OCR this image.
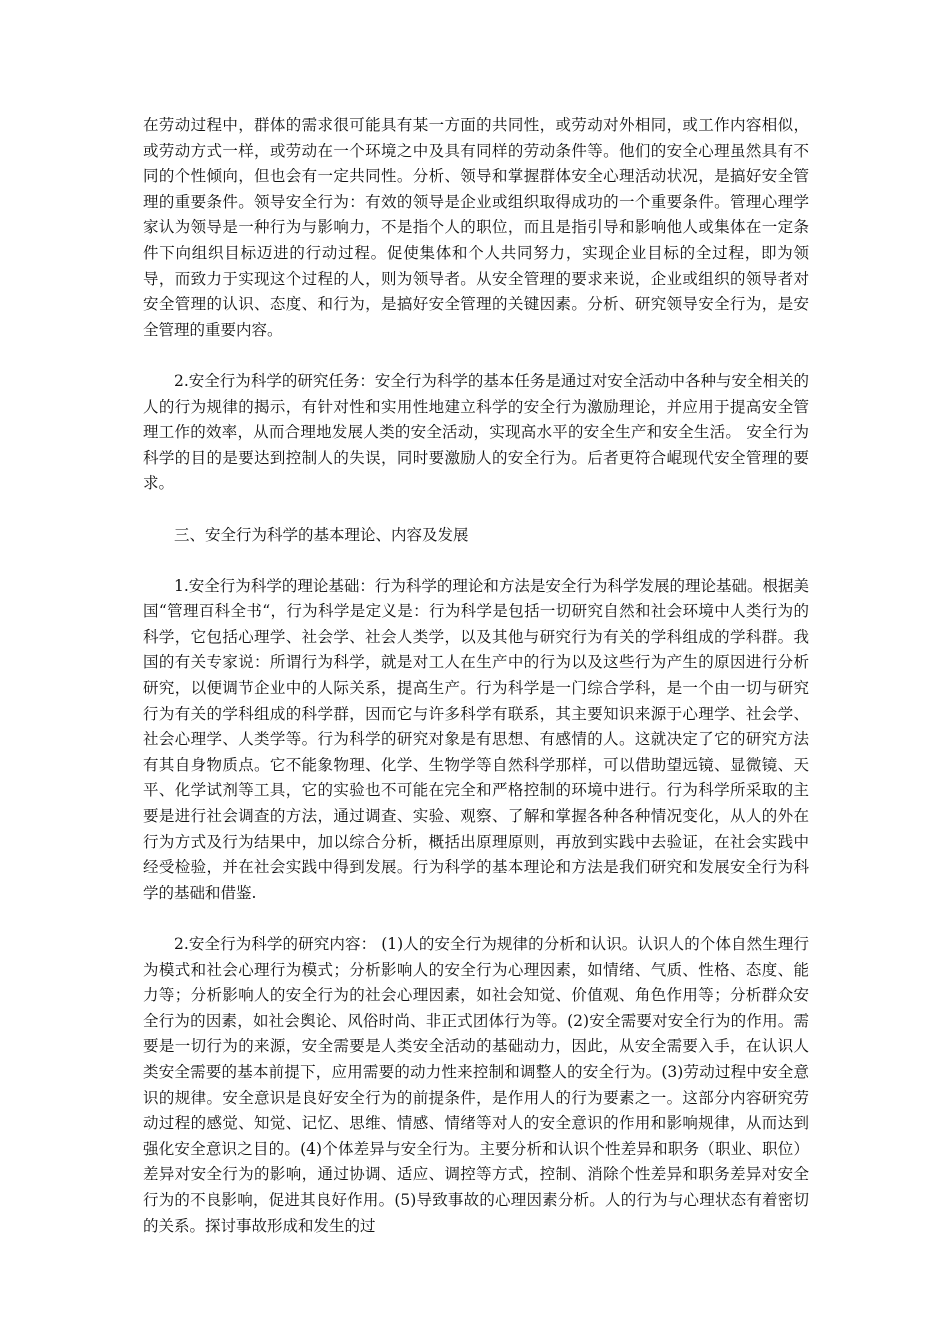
在劳动过程中，群体的需求很可能具有某一方面的共同性，或劳动对外相同，或工作内容相似，或劳动方式一样，或劳动在一个环境之中及具有同样的劳动条件等。他们的安全心理虽然具有不同的个性倾向，但也会有一定共同性。分析、领导和掌握群体安全心理活动状况，是搞好安全管理的重要条件。领导安全行为：有效的领导是企业或组织取得成功的一个重要条件。管理心理学家认为领导是一种行为与影响力，不是指个人的职位，而且是指引导和影响他人或集体在一定条件下向组织目标迈进的行动过程。促使集体和个人共同努力，实现企业目标的全过程，即为领导，而致力于实现这个过程的人，则为领导者。从安全管理的要求来说，企业或组织的领导者对安全管理的认识、态度、和行为，是搞好安全管理的关键因素。分析、研究领导安全行为，是安全管理的重要内容。

2.安全行为科学的研究任务：安全行为科学的基本任务是通过对安全活动中各种与安全相关的人的行为规律的揭示，有针对性和实用性地建立科学的安全行为激励理论，并应用于提高安全管理工作的效率，从而合理地发展人类的安全活动，实现高水平的安全生产和安全生活。 安全行为科学的目的是要达到控制人的失误，同时要激励人的安全行为。后者更符合崐现代安全管理的要求。

三、安全行为科学的基本理论、内容及发展

1.安全行为科学的理论基础：行为科学的理论和方法是安全行为科学发展的理论基础。根据美国“管理百科全书“，行为科学是定义是：行为科学是包括一切研究自然和社会环境中人类行为的科学，它包括心理学、社会学、社会人类学，以及其他与研究行为有关的学科组成的学科群。我国的有关专家说：所谓行为科学，就是对工人在生产中的行为以及这些行为产生的原因进行分析研究，以便调节企业中的人际关系，提高生产。行为科学是一门综合学科，是一个由一切与研究行为有关的学科组成的科学群，因而它与许多科学有联系，其主要知识来源于心理学、社会学、社会心理学、人类学等。行为科学的研究对象是有思想、有感情的人。这就决定了它的研究方法有其自身物质点。它不能象物理、化学、生物学等自然科学那样，可以借助望远镜、显微镜、天平、化学试剂等工具，它的实验也不可能在完全和严格控制的环境中进行。行为科学所采取的主要是进行社会调查的方法，通过调查、实验、观察、了解和掌握各种各种情况变化，从人的外在行为方式及行为结果中，加以综合分析，概括出原理原则，再放到实践中去验证，在社会实践中经受检验，并在社会实践中得到发展。行为科学的基本理论和方法是我们研究和发展安全行为科学的基础和借鉴.

2.安全行为科学的研究内容： (1)人的安全行为规律的分析和认识。认识人的个体自然生理行为模式和社会心理行为模式；分析影响人的安全行为心理因素，如情绪、气质、性格、态度、能力等；分析影响人的安全行为的社会心理因素，如社会知觉、价值观、角色作用等；分析群众安全行为的因素，如社会舆论、风俗时尚、非正式团体行为等。(2)安全需要对安全行为的作用。需要是一切行为的来源，安全需要是人类安全活动的基础动力，因此，从安全需要入手，在认识人类安全需要的基本前提下，应用需要的动力性来控制和调整人的安全行为。(3)劳动过程中安全意识的规律。安全意识是良好安全行为的前提条件，是作用人的行为要素之一。这部分内容研究劳动过程的感觉、知觉、记忆、思维、情感、情绪等对人的安全意识的作用和影响规律，从而达到强化安全意识之目的。(4)个体差异与安全行为。主要分析和认识个性差异和职务（职业、职位）差异对安全行为的影响，通过协调、适应、调控等方式，控制、消除个性差异和职务差异对安全行为的不良影响，促进其良好作用。(5)导致事故的心理因素分析。人的行为与心理状态有着密切的关系。探讨事故形成和发生的过
